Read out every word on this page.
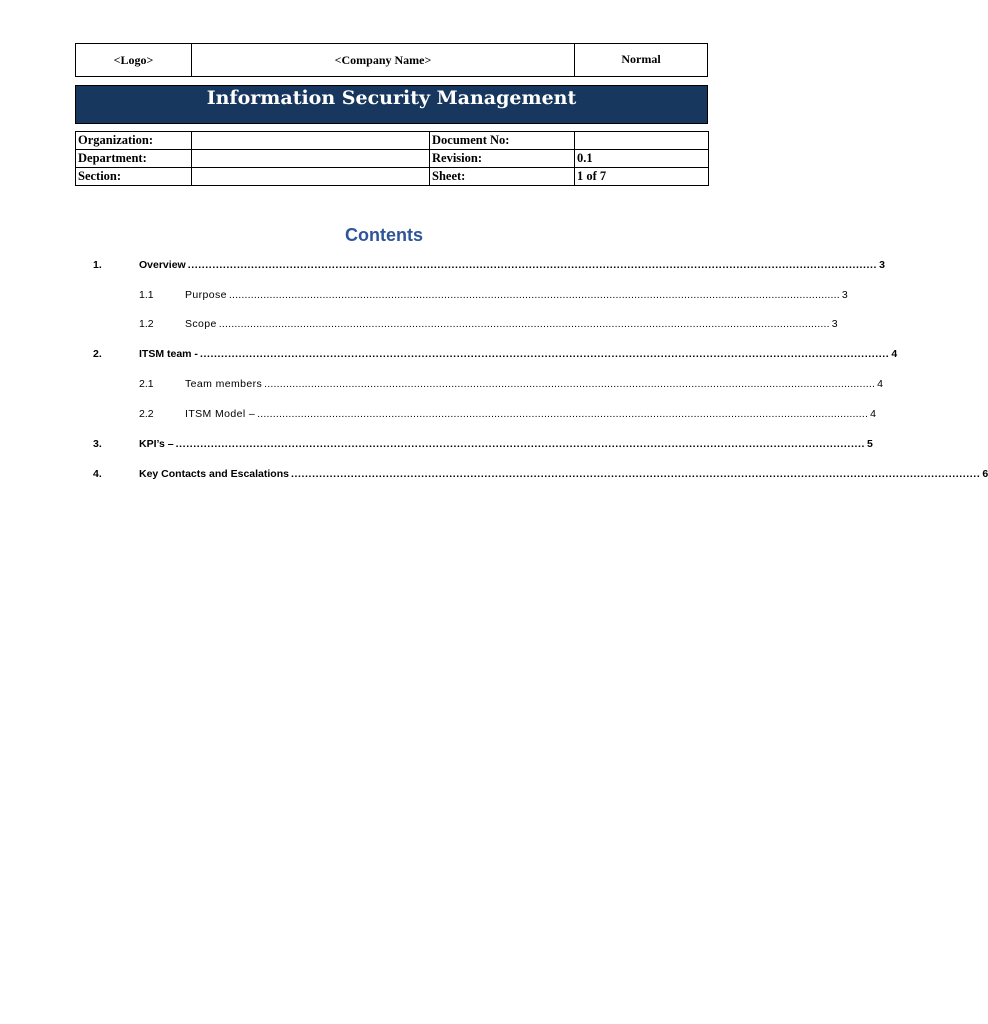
<Logo>	<Company Name>	Normal
Information Security Management
Organization:		Document No:	
Department:		Revision:	0.1
Section:		Sheet:	1 of 7
Contents
1.	Overview .................................................................................................................................................................................................... 3
1.1	Purpose .................................................................................................................................................................................................... 3
1.2	Scope .................................................................................................................................................................................................... 3
2.	ITSM team - .................................................................................................................................................................................................... 4
2.1	Team members .................................................................................................................................................................................................... 4
2.2	ITSM Model – .................................................................................................................................................................................................... 4
3.	KPI’s – .................................................................................................................................................................................................... 5
4.	Key Contacts and Escalations .................................................................................................................................................................................................... 6
